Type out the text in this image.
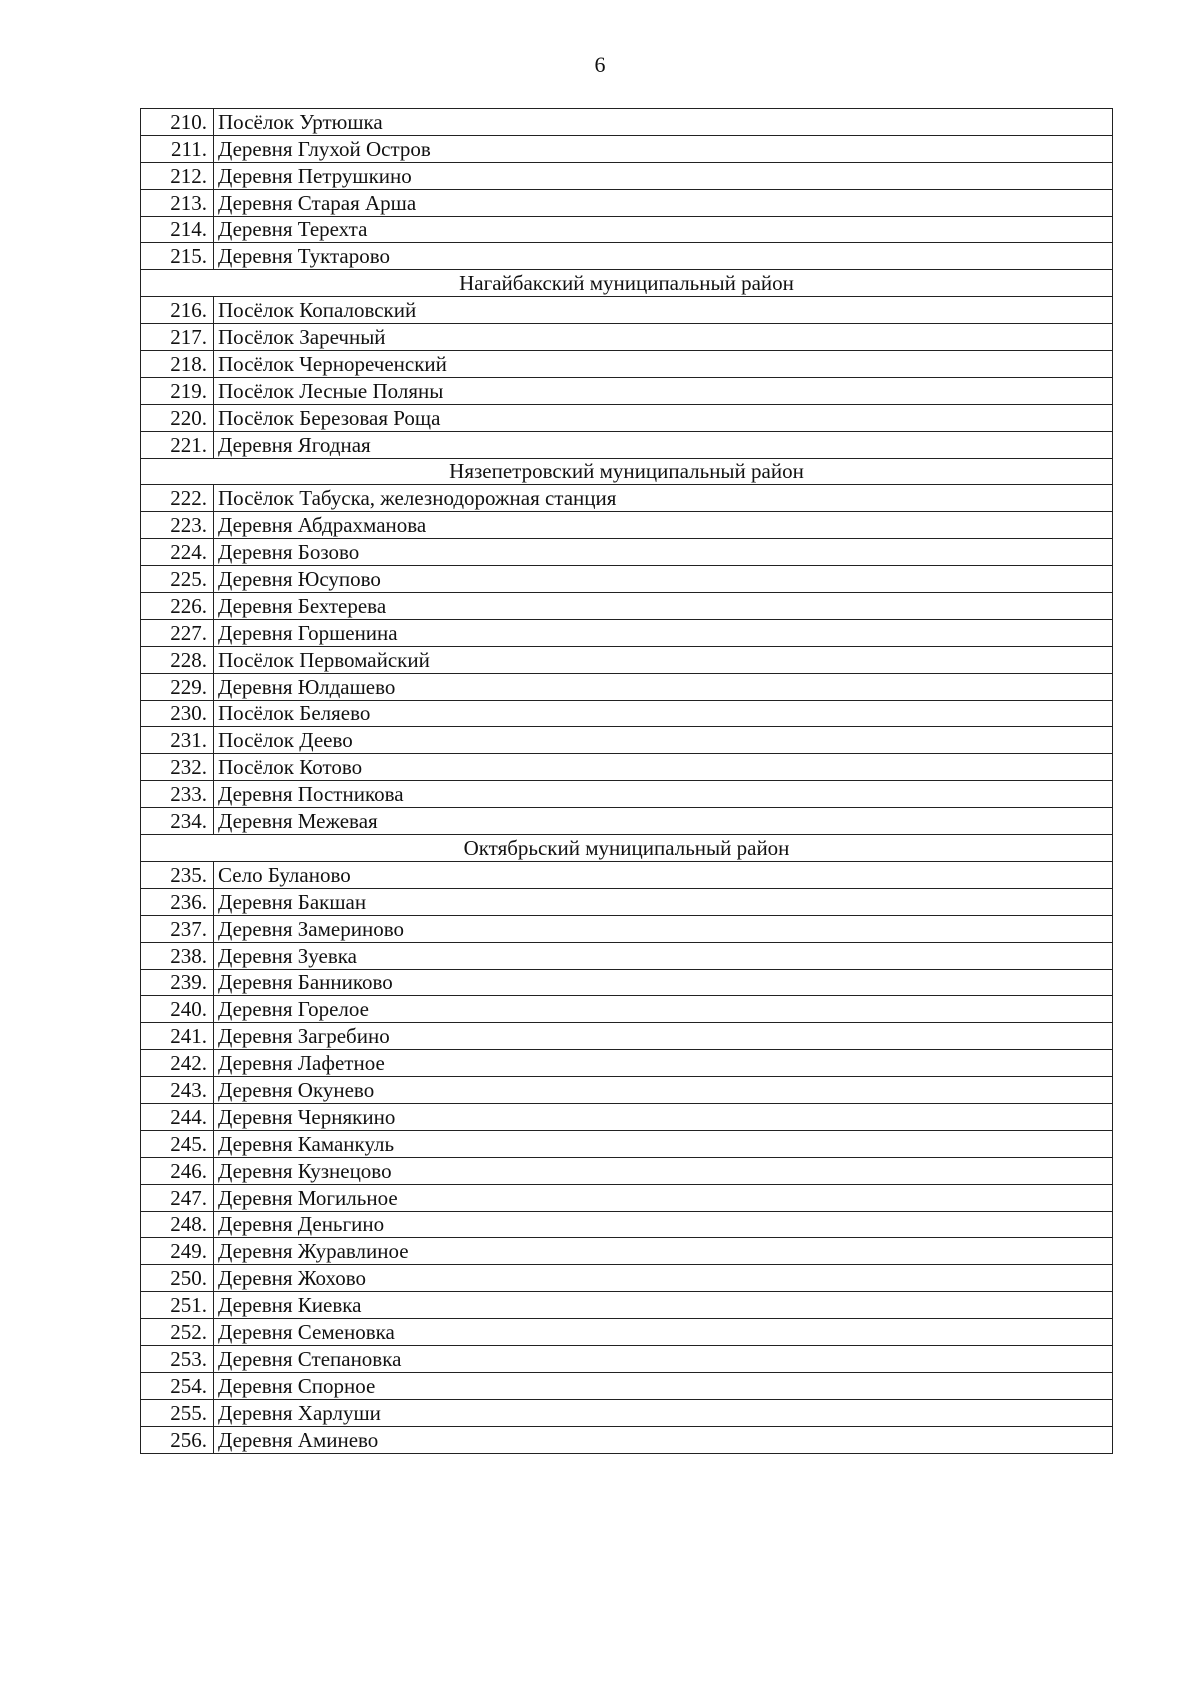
6
210.	Посёлок Уртюшка
211.	Деревня Глухой Остров
212.	Деревня Петрушкино
213.	Деревня Старая Арша
214.	Деревня Терехта
215.	Деревня Туктарово
Нагайбакский муниципальный район	
216.	Посёлок Копаловский
217.	Посёлок Заречный
218.	Посёлок Чернореченский
219.	Посёлок Лесные Поляны
220.	Посёлок Березовая Роща
221.	Деревня Ягодная
Нязепетровский муниципальный район	
222.	Посёлок Табуска, железнодорожная станция
223.	Деревня Абдрахманова
224.	Деревня Бозово
225.	Деревня Юсупово
226.	Деревня Бехтерева
227.	Деревня Горшенина
228.	Посёлок Первомайский
229.	Деревня Юлдашево
230.	Посёлок Беляево
231.	Посёлок Деево
232.	Посёлок Котово
233.	Деревня Постникова
234.	Деревня Межевая
Октябрьский муниципальный район	
235.	Село Буланово
236.	Деревня Бакшан
237.	Деревня Замериново
238.	Деревня Зуевка
239.	Деревня Банниково
240.	Деревня Горелое
241.	Деревня Загребино
242.	Деревня Лафетное
243.	Деревня Окунево
244.	Деревня Чернякино
245.	Деревня Каманкуль
246.	Деревня Кузнецово
247.	Деревня Могильное
248.	Деревня Деньгино
249.	Деревня Журавлиное
250.	Деревня Жохово
251.	Деревня Киевка
252.	Деревня Семеновка
253.	Деревня Степановка
254.	Деревня Спорное
255.	Деревня Харлуши
256.	Деревня Аминево
